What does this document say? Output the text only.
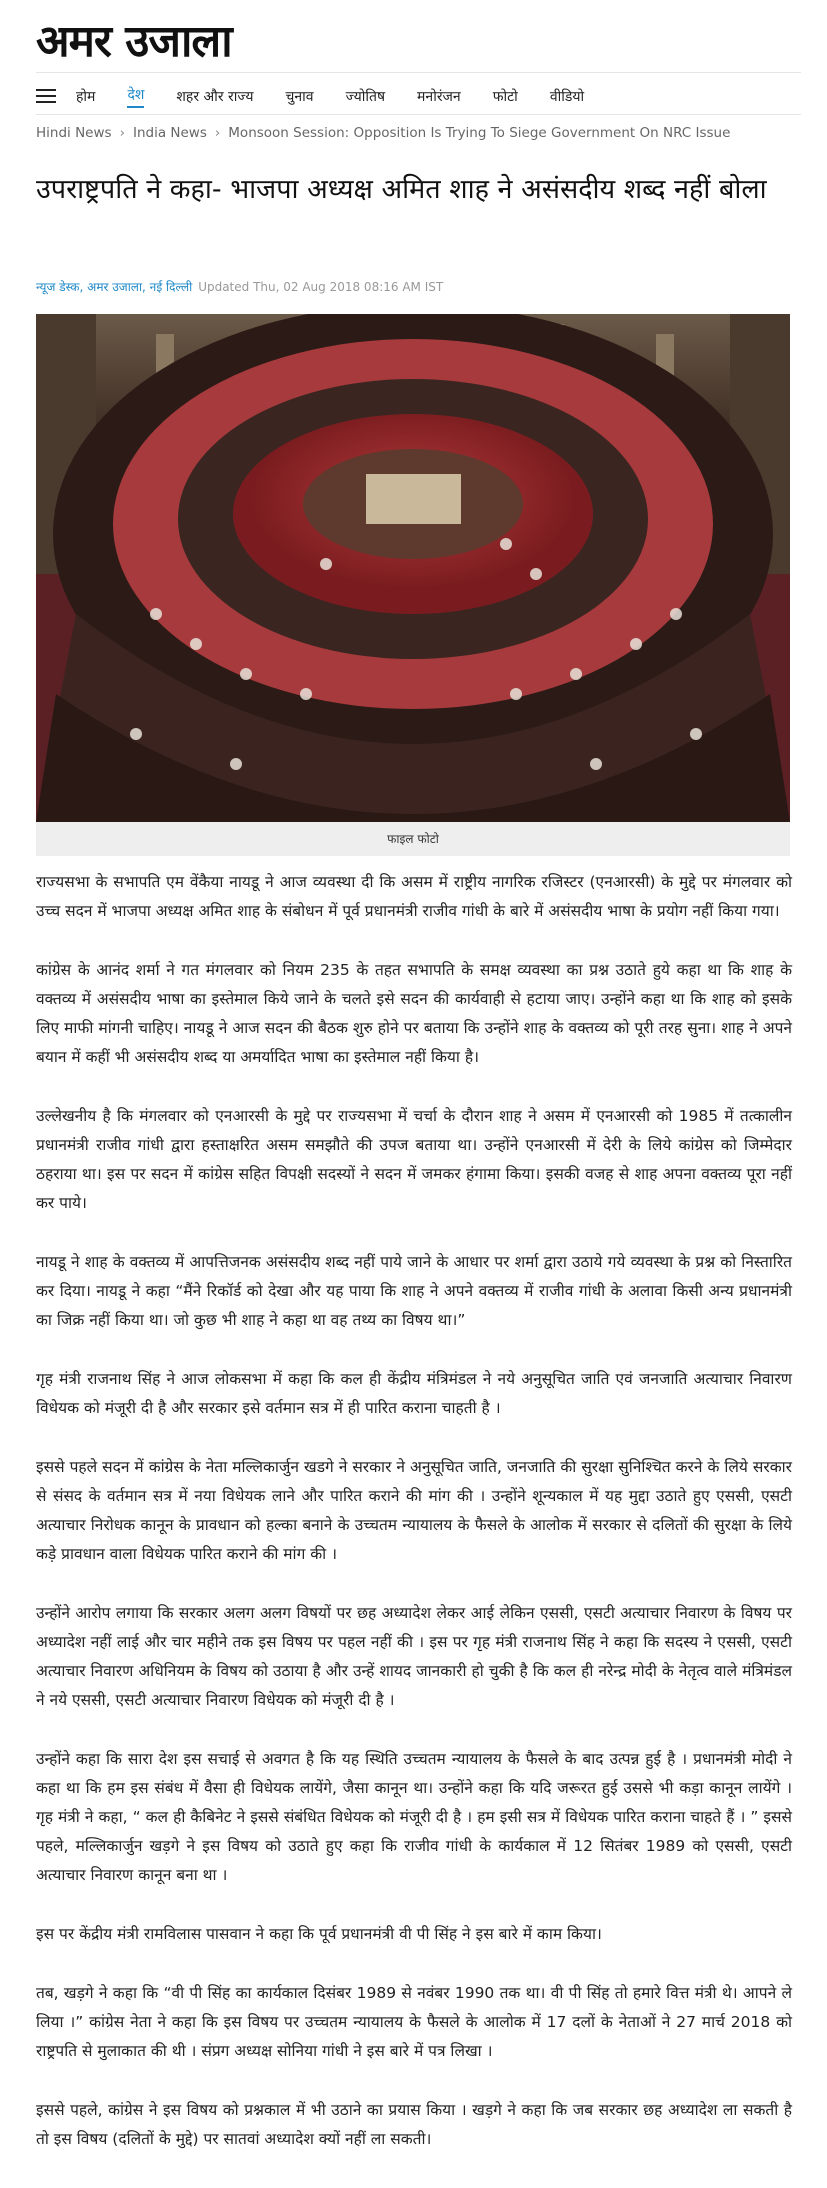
अमर उजाला
होम देश शहर और राज्य चुनाव ज्योतिष मनोरंजन फोटो वीडियो
Hindi News › India News › Monsoon Session: Opposition Is Trying To Siege Government On NRC Issue
उपराष्ट्रपति ने कहा- भाजपा अध्यक्ष अमित शाह ने असंसदीय शब्द नहीं बोला
न्यूज डेस्क, अमर उजाला, नई दिल्ली Updated Thu, 02 Aug 2018 08:16 AM IST
फाइल फोटो

राज्यसभा के सभापति एम वेंकैया नायडू ने आज व्यवस्था दी कि असम में राष्ट्रीय नागरिक रजिस्टर (एनआरसी) के मुद्दे पर मंगलवार को उच्च सदन में भाजपा अध्यक्ष अमित शाह के संबोधन में पूर्व प्रधानमंत्री राजीव गांधी के बारे में असंसदीय भाषा के प्रयोग नहीं किया गया।

कांग्रेस के आनंद शर्मा ने गत मंगलवार को नियम 235 के तहत सभापति के समक्ष व्यवस्था का प्रश्न उठाते हुये कहा था कि शाह के वक्तव्य में असंसदीय भाषा का इस्तेमाल किये जाने के चलते इसे सदन की कार्यवाही से हटाया जाए। उन्होंने कहा था कि शाह को इसके लिए माफी मांगनी चाहिए। नायडू ने आज सदन की बैठक शुरु होने पर बताया कि उन्होंने शाह के वक्तव्य को पूरी तरह सुना। शाह ने अपने बयान में कहीं भी असंसदीय शब्द या अमर्यादित भाषा का इस्तेमाल नहीं किया है।

उल्लेखनीय है कि मंगलवार को एनआरसी के मुद्दे पर राज्यसभा में चर्चा के दौरान शाह ने असम में एनआरसी को 1985 में तत्कालीन प्रधानमंत्री राजीव गांधी द्वारा हस्ताक्षरित असम समझौते की उपज बताया था। उन्होंने एनआरसी में देरी के लिये कांग्रेस को जिम्मेदार ठहराया था। इस पर सदन में कांग्रेस सहित विपक्षी सदस्यों ने सदन में जमकर हंगामा किया। इसकी वजह से शाह अपना वक्तव्य पूरा नहीं कर पाये।

नायडू ने शाह के वक्तव्य में आपत्तिजनक असंसदीय शब्द नहीं पाये जाने के आधार पर शर्मा द्वारा उठाये गये व्यवस्था के प्रश्न को निस्तारित कर दिया। नायडू ने कहा “मैंने रिकॉर्ड को देखा और यह पाया कि शाह ने अपने वक्तव्य में राजीव गांधी के अलावा किसी अन्य प्रधानमंत्री का जिक्र नहीं किया था। जो कुछ भी शाह ने कहा था वह तथ्य का विषय था।”

गृह मंत्री राजनाथ सिंह ने आज लोकसभा में कहा कि कल ही केंद्रीय मंत्रिमंडल ने नये अनुसूचित जाति एवं जनजाति अत्याचार निवारण विधेयक को मंजूरी दी है और सरकार इसे वर्तमान सत्र में ही पारित कराना चाहती है ।

इससे पहले सदन में कांग्रेस के नेता मल्लिकार्जुन खडगे ने सरकार ने अनुसूचित जाति, जनजाति की सुरक्षा सुनिश्चित करने के लिये सरकार से संसद के वर्तमान सत्र में नया विधेयक लाने और पारित कराने की मांग की । उन्होंने शून्यकाल में यह मुद्दा उठाते हुए एससी, एसटी अत्याचार निरोधक कानून के प्रावधान को हल्का बनाने के उच्चतम न्यायालय के फैसले के आलोक में सरकार से दलितों की सुरक्षा के लिये कड़े प्रावधान वाला विधेयक पारित कराने की मांग की ।

उन्होंने आरोप लगाया कि सरकार अलग अलग विषयों पर छह अध्यादेश लेकर आई लेकिन एससी, एसटी अत्याचार निवारण के विषय पर अध्यादेश नहीं लाई और चार महीने तक इस विषय पर पहल नहीं की । इस पर गृह मंत्री राजनाथ सिंह ने कहा कि सदस्य ने एससी, एसटी अत्याचार निवारण अधिनियम के विषय को उठाया है और उन्हें शायद जानकारी हो चुकी है कि कल ही नरेन्द्र मोदी के नेतृत्व वाले मंत्रिमंडल ने नये एससी, एसटी अत्याचार निवारण विधेयक को मंजूरी दी है ।

उन्होंने कहा कि सारा देश इस सचाई से अवगत है कि यह स्थिति उच्चतम न्यायालय के फैसले के बाद उत्पन्न हुई है । प्रधानमंत्री मोदी ने कहा था कि हम इस संबंध में वैसा ही विधेयक लायेंगे, जैसा कानून था। उन्होंने कहा कि यदि जरूरत हुई उससे भी कड़ा कानून लायेंगे । गृह मंत्री ने कहा, “ कल ही कैबिनेट ने इससे संबंधित विधेयक को मंजूरी दी है । हम इसी सत्र में विधेयक पारित कराना चाहते हैं । ” इससे पहले, मल्लिकार्जुन खड़गे ने इस विषय को उठाते हुए कहा कि राजीव गांधी के कार्यकाल में 12 सितंबर 1989 को एससी, एसटी अत्याचार निवारण कानून बना था ।

इस पर केंद्रीय मंत्री रामविलास पासवान ने कहा कि पूर्व प्रधानमंत्री वी पी सिंह ने इस बारे में काम किया।

तब, खड़गे ने कहा कि “वी पी सिंह का कार्यकाल दिसंबर 1989 से नवंबर 1990 तक था। वी पी सिंह तो हमारे वित्त मंत्री थे। आपने ले लिया ।” कांग्रेस नेता ने कहा कि इस विषय पर उच्चतम न्यायालय के फैसले के आलोक में 17 दलों के नेताओं ने 27 मार्च 2018 को राष्ट्रपति से मुलाकात की थी । संप्रग अध्यक्ष सोनिया गांधी ने इस बारे में पत्र लिखा ।

इससे पहले, कांग्रेस ने इस विषय को प्रश्नकाल में भी उठाने का प्रयास किया । खड़गे ने कहा कि जब सरकार छह अध्यादेश ला सकती है तो इस विषय (दलितों के मुद्दे) पर सातवां अध्यादेश क्यों नहीं ला सकती।
